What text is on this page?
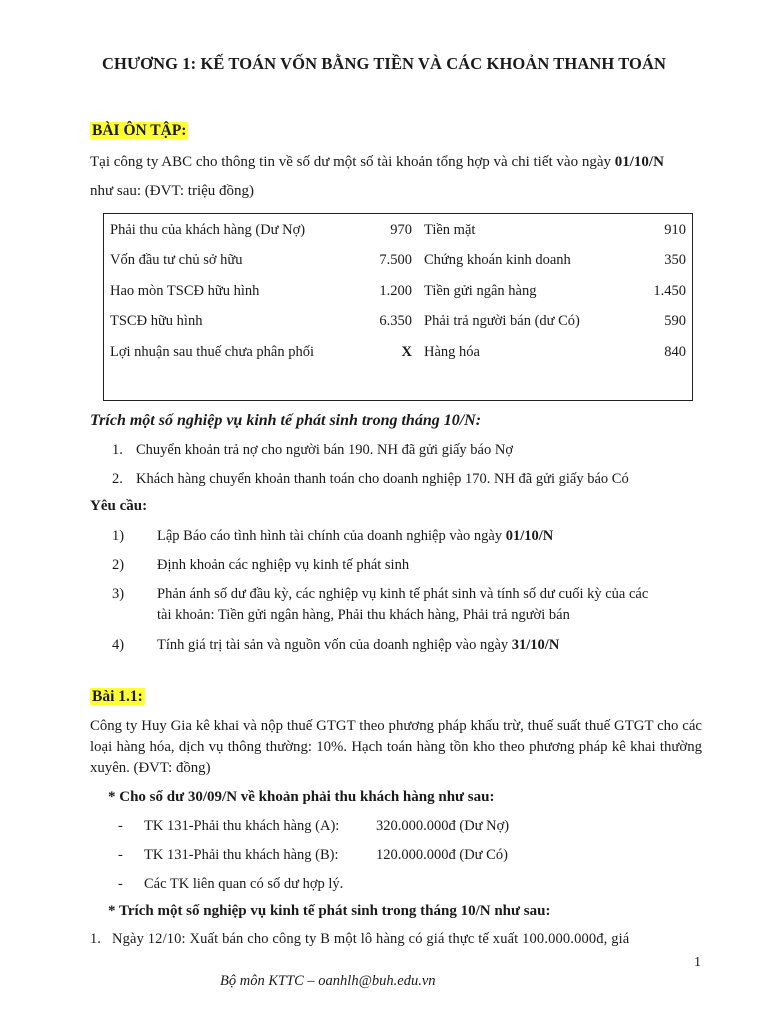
CHƯƠNG 1: KẾ TOÁN VỐN BẰNG TIỀN VÀ CÁC KHOẢN THANH TOÁN
BÀI ÔN TẬP:
Tại công ty ABC cho thông tin về số dư một số tài khoản tổng hợp và chi tiết vào ngày 01/10/N
như sau: (ĐVT: triệu đồng)
Phải thu của khách hàng (Dư Nợ)	970	Tiền mặt	910
Vốn đầu tư chủ sở hữu	7.500	Chứng khoán kinh doanh	350
Hao mòn TSCĐ hữu hình	1.200	Tiền gửi ngân hàng	1.450
TSCĐ hữu hình	6.350	Phải trả người bán (dư Có)	590
Lợi nhuận sau thuế chưa phân phối	X	Hàng hóa	840
Trích một số nghiệp vụ kinh tế phát sinh trong tháng 10/N:
1. Chuyển khoản trả nợ cho người bán 190. NH đã gửi giấy báo Nợ
2. Khách hàng chuyển khoản thanh toán cho doanh nghiệp 170. NH đã gửi giấy báo Có
Yêu cầu:
1) Lập Báo cáo tình hình tài chính của doanh nghiệp vào ngày 01/10/N
2) Định khoản các nghiệp vụ kinh tế phát sinh
3) Phản ánh số dư đầu kỳ, các nghiệp vụ kinh tế phát sinh và tính số dư cuối kỳ của các
tài khoản: Tiền gửi ngân hàng, Phải thu khách hàng, Phải trả người bán
4) Tính giá trị tài sản và nguồn vốn của doanh nghiệp vào ngày 31/10/N
Bài 1.1:
Công ty Huy Gia kê khai và nộp thuế GTGT theo phương pháp khấu trừ, thuế suất thuế GTGT cho các loại hàng hóa, dịch vụ thông thường: 10%. Hạch toán hàng tồn kho theo phương pháp kê khai thường xuyên. (ĐVT: đồng)
* Cho số dư 30/09/N về khoản phải thu khách hàng như sau:
- TK 131-Phải thu khách hàng (A):	320.000.000đ (Dư Nợ)
- TK 131-Phải thu khách hàng (B):	120.000.000đ (Dư Có)
- Các TK liên quan có số dư hợp lý.
* Trích một số nghiệp vụ kinh tế phát sinh trong tháng 10/N như sau:
1. Ngày 12/10: Xuất bán cho công ty B một lô hàng có giá thực tế xuất 100.000.000đ, giá
1
Bộ môn KTTC – oanhlh@buh.edu.vn
